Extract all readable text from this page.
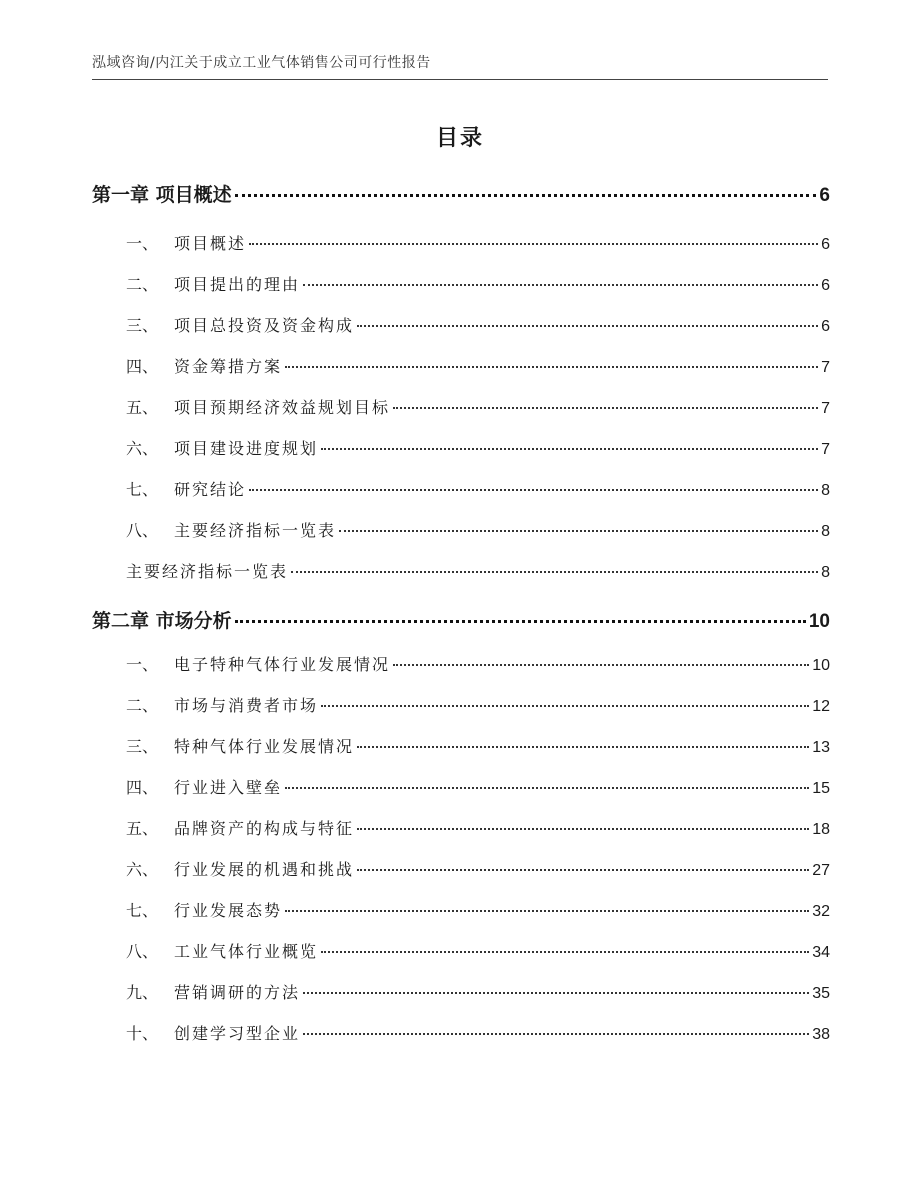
泓域咨询/内江关于成立工业气体销售公司可行性报告
目录
第一章 项目概述	6
一、 项目概述	6
二、 项目提出的理由	6
三、 项目总投资及资金构成	6
四、 资金筹措方案	7
五、 项目预期经济效益规划目标	7
六、 项目建设进度规划	7
七、 研究结论	8
八、 主要经济指标一览表	8
主要经济指标一览表	8
第二章 市场分析	10
一、 电子特种气体行业发展情况	10
二、 市场与消费者市场	12
三、 特种气体行业发展情况	13
四、 行业进入壁垒	15
五、 品牌资产的构成与特征	18
六、 行业发展的机遇和挑战	27
七、 行业发展态势	32
八、 工业气体行业概览	34
九、 营销调研的方法	35
十、 创建学习型企业	38
